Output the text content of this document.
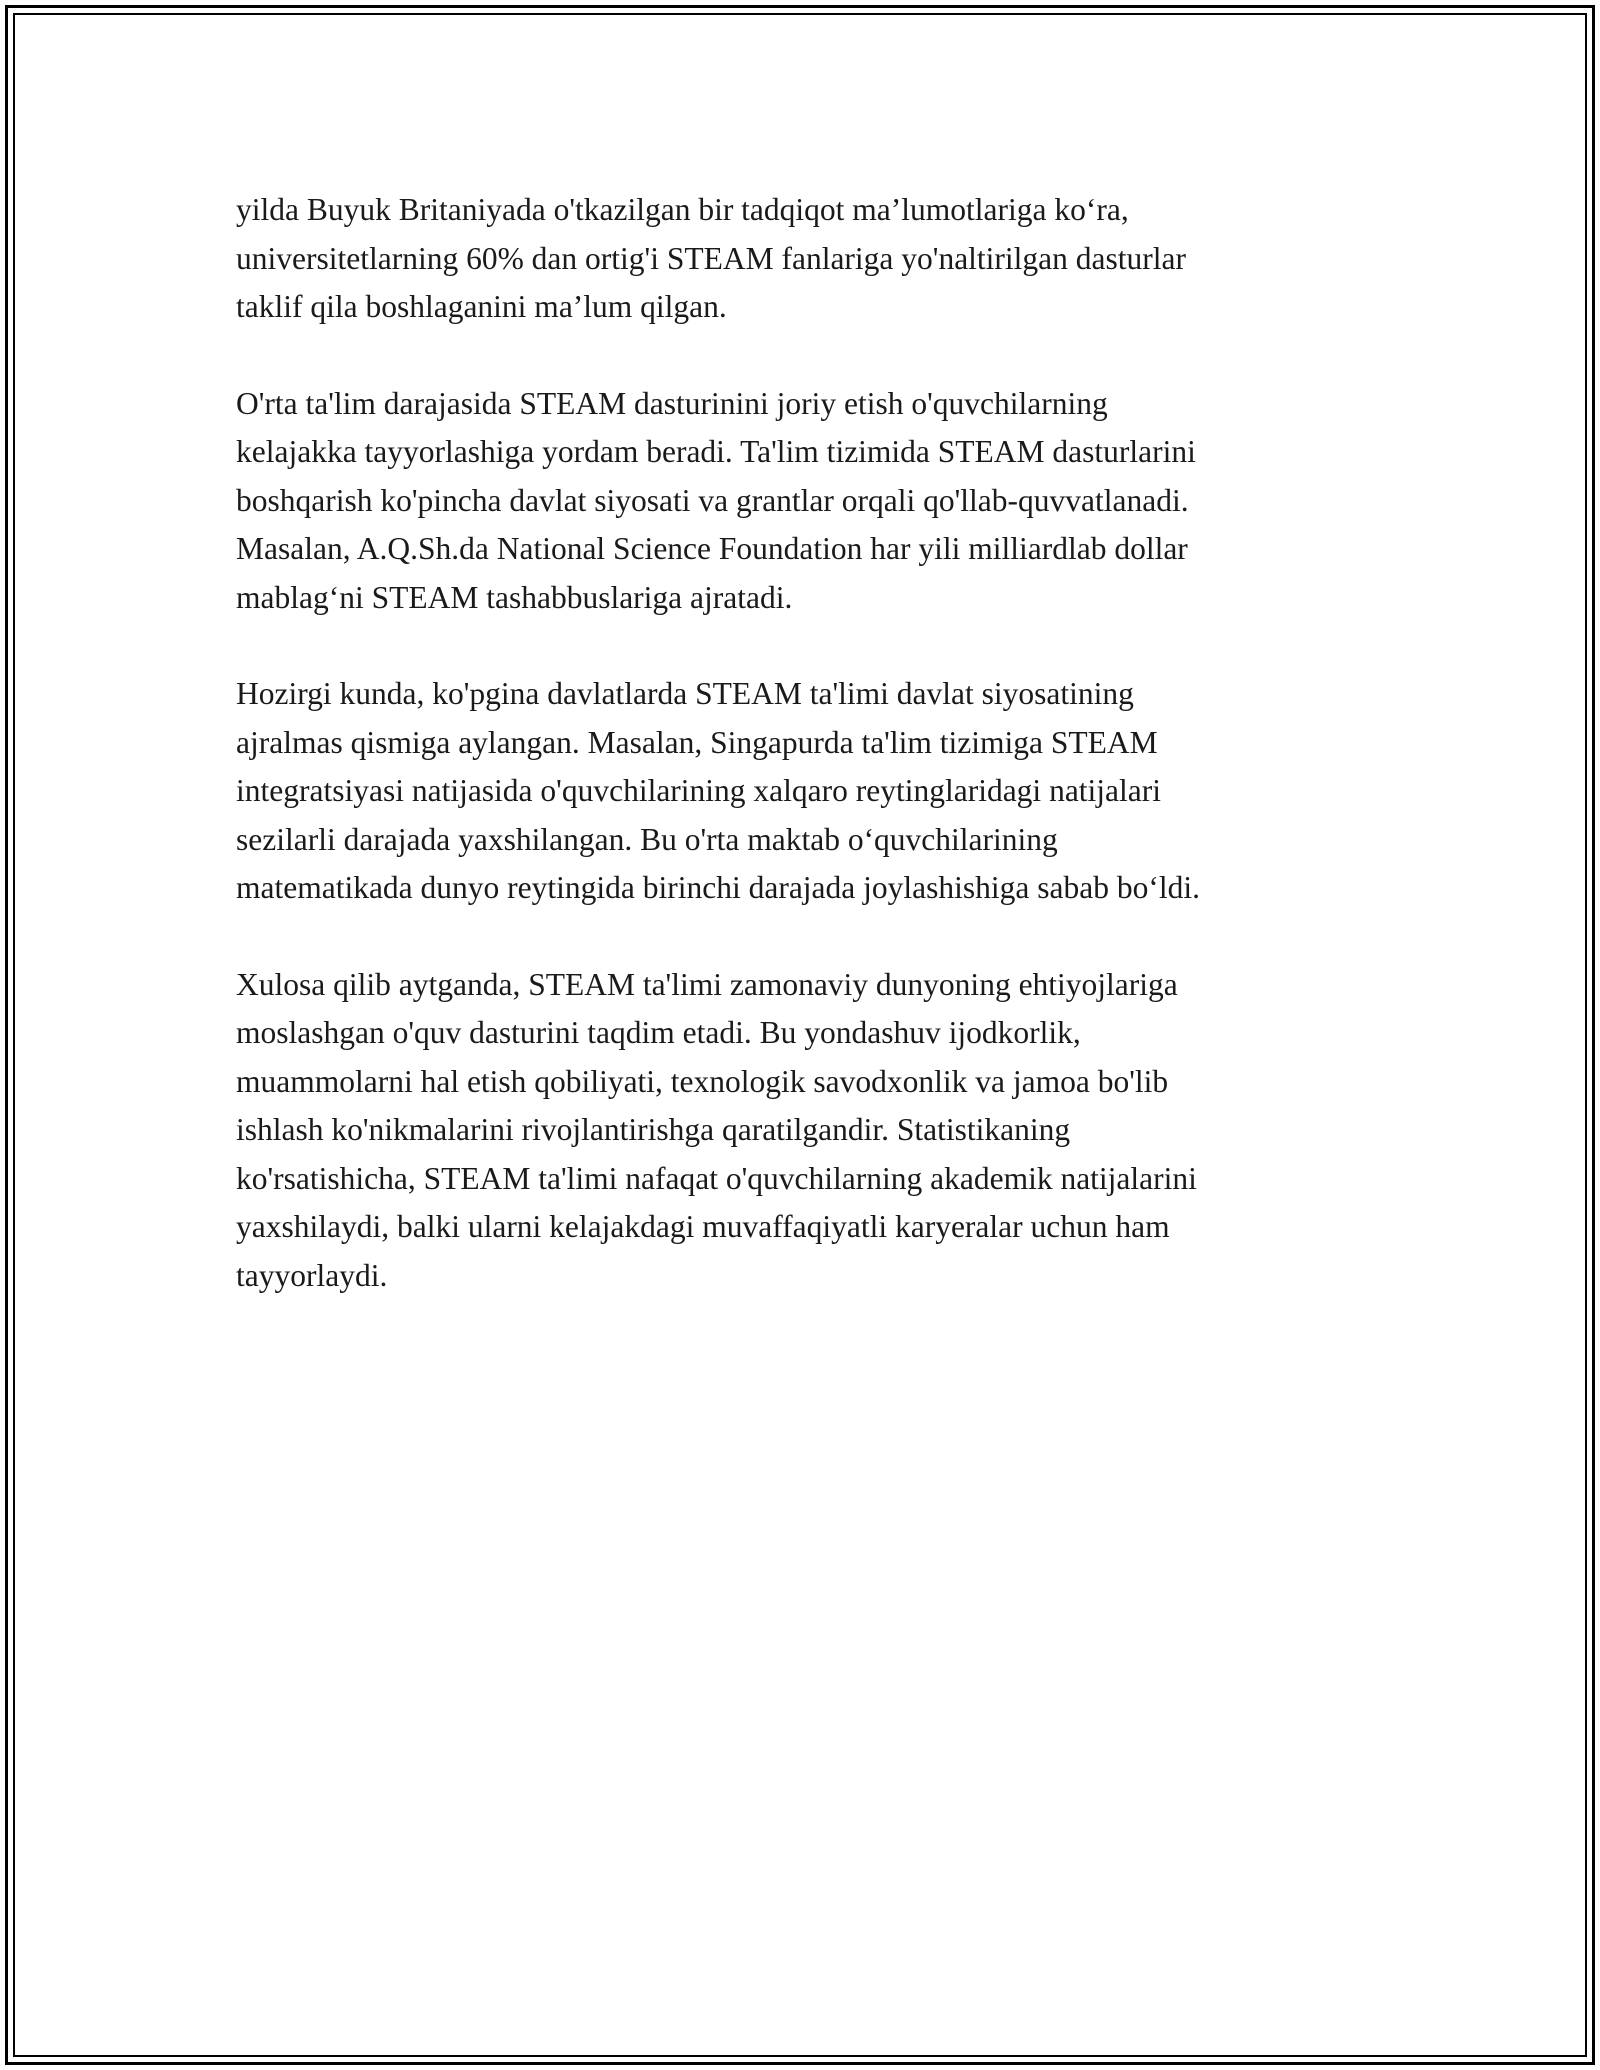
yilda Buyuk Britaniyada o'tkazilgan bir tadqiqot ma’lumotlariga ko‘ra,
universitetlarning 60% dan ortig'i STEAM fanlariga yo'naltirilgan dasturlar
taklif qila boshlaganini ma’lum qilgan.

O'rta ta'lim darajasida STEAM dasturinini joriy etish o'quvchilarning
kelajakka tayyorlashiga yordam beradi. Ta'lim tizimida STEAM dasturlarini
boshqarish ko'pincha davlat siyosati va grantlar orqali qo'llab-quvvatlanadi.
Masalan, A.Q.Sh.da National Science Foundation har yili milliardlab dollar
mablag‘ni STEAM tashabbuslariga ajratadi.

Hozirgi kunda, ko'pgina davlatlarda STEAM ta'limi davlat siyosatining
ajralmas qismiga aylangan. Masalan, Singapurda ta'lim tizimiga STEAM
integratsiyasi natijasida o'quvchilarining xalqaro reytinglaridagi natijalari
sezilarli darajada yaxshilangan. Bu o'rta maktab o‘quvchilarining
matematikada dunyo reytingida birinchi darajada joylashishiga sabab bo‘ldi.

Xulosa qilib aytganda, STEAM ta'limi zamonaviy dunyoning ehtiyojlariga
moslashgan o'quv dasturini taqdim etadi. Bu yondashuv ijodkorlik,
muammolarni hal etish qobiliyati, texnologik savodxonlik va jamoa bo'lib
ishlash ko'nikmalarini rivojlantirishga qaratilgandir. Statistikaning
ko'rsatishicha, STEAM ta'limi nafaqat o'quvchilarning akademik natijalarini
yaxshilaydi, balki ularni kelajakdagi muvaffaqiyatli karyeralar uchun ham
tayyorlaydi.
